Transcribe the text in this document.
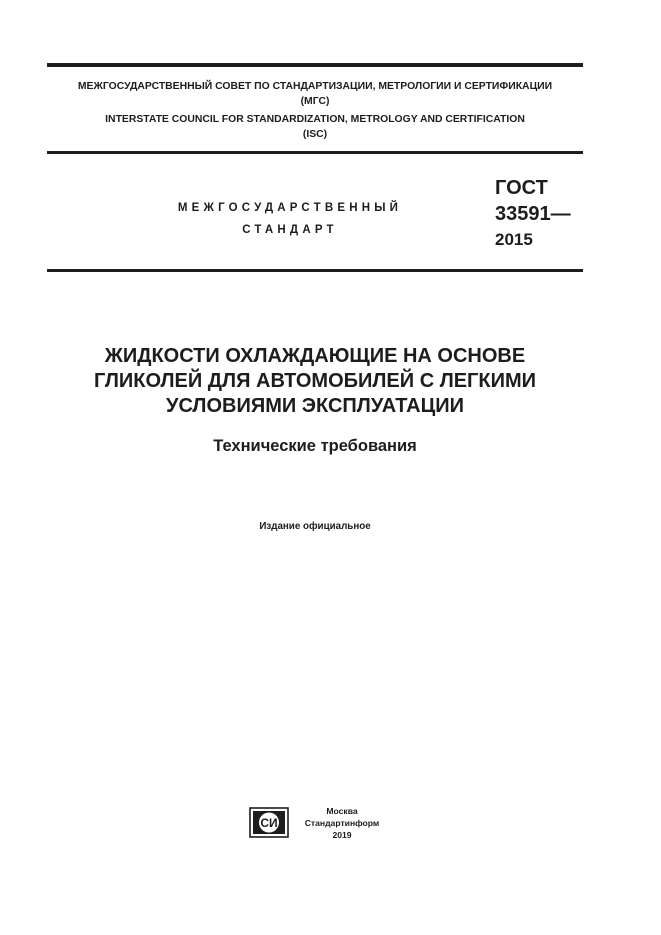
МЕЖГОСУДАРСТВЕННЫЙ СОВЕТ ПО СТАНДАРТИЗАЦИИ, МЕТРОЛОГИИ И СЕРТИФИКАЦИИ
(МГС)
INTERSTATE COUNCIL FOR STANDARDIZATION, METROLOGY AND CERTIFICATION
(ISC)
МЕЖГОСУДАРСТВЕННЫЙ
СТАНДАРТ
ГОСТ
33591—
2015
ЖИДКОСТИ ОХЛАЖДАЮЩИЕ НА ОСНОВЕ
ГЛИКОЛЕЙ ДЛЯ АВТОМОБИЛЕЙ С ЛЕГКИМИ
УСЛОВИЯМИ ЭКСПЛУАТАЦИИ
Технические требования
Издание официальное
СИ
Москва
Стандартинформ
2019
